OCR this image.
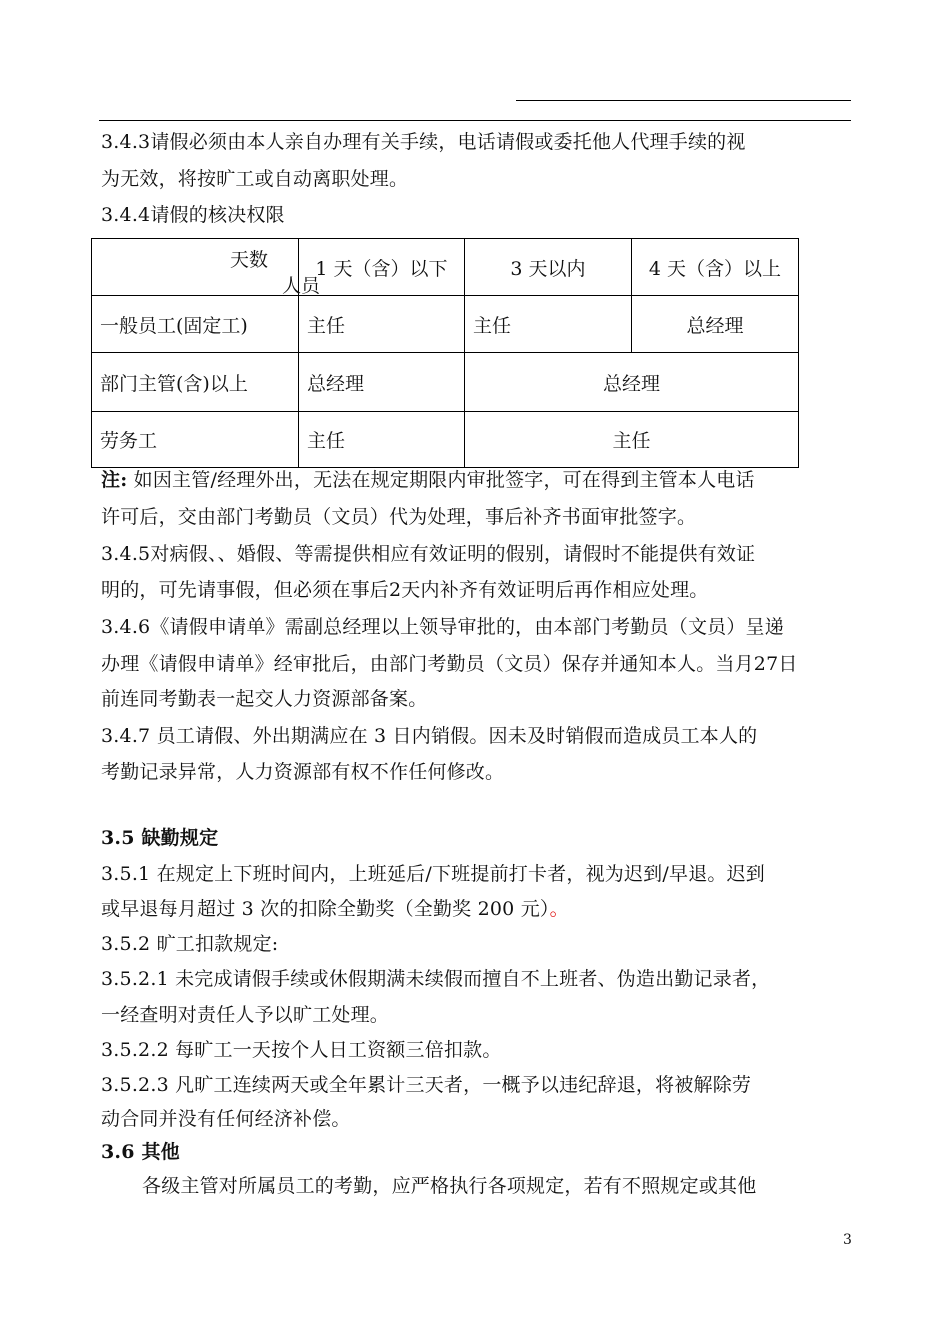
3.4.3请假必须由本人亲自办理有关手续，电话请假或委托他人代理手续的视
为无效，将按旷工或自动离职处理。
3.4.4请假的核决权限
天数
人员	1 天（含）以下	3 天以内	4 天（含）以上
一般员工(固定工)	主任	主任	总经理
部门主管(含)以上	总经理	总经理	
劳务工	主任	主任	
注: 如因主管/经理外出，无法在规定期限内审批签字，可在得到主管本人电话
许可后，交由部门考勤员（文员）代为处理，事后补齐书面审批签字。
3.4.5对病假、、婚假、等需提供相应有效证明的假别，请假时不能提供有效证
明的，可先请事假，但必须在事后2天内补齐有效证明后再作相应处理。
3.4.6《请假申请单》需副总经理以上领导审批的，由本部门考勤员（文员）呈递
办理《请假申请单》经审批后，由部门考勤员（文员）保存并通知本人。当月27日
前连同考勤表一起交人力资源部备案。
3.4.7 员工请假、外出期满应在 3 日内销假。因未及时销假而造成员工本人的
考勤记录异常，人力资源部有权不作任何修改。
3.5 缺勤规定
3.5.1 在规定上下班时间内，上班延后/下班提前打卡者，视为迟到/早退。迟到
或早退每月超过 3 次的扣除全勤奖（全勤奖 200 元）。
3.5.2 旷工扣款规定:
3.5.2.1 未完成请假手续或休假期满未续假而擅自不上班者、伪造出勤记录者，
一经查明对责任人予以旷工处理。
3.5.2.2 每旷工一天按个人日工资额三倍扣款。
3.5.2.3 凡旷工连续两天或全年累计三天者，一概予以违纪辞退，将被解除劳
动合同并没有任何经济补偿。
3.6 其他
各级主管对所属员工的考勤，应严格执行各项规定，若有不照规定或其他
3
